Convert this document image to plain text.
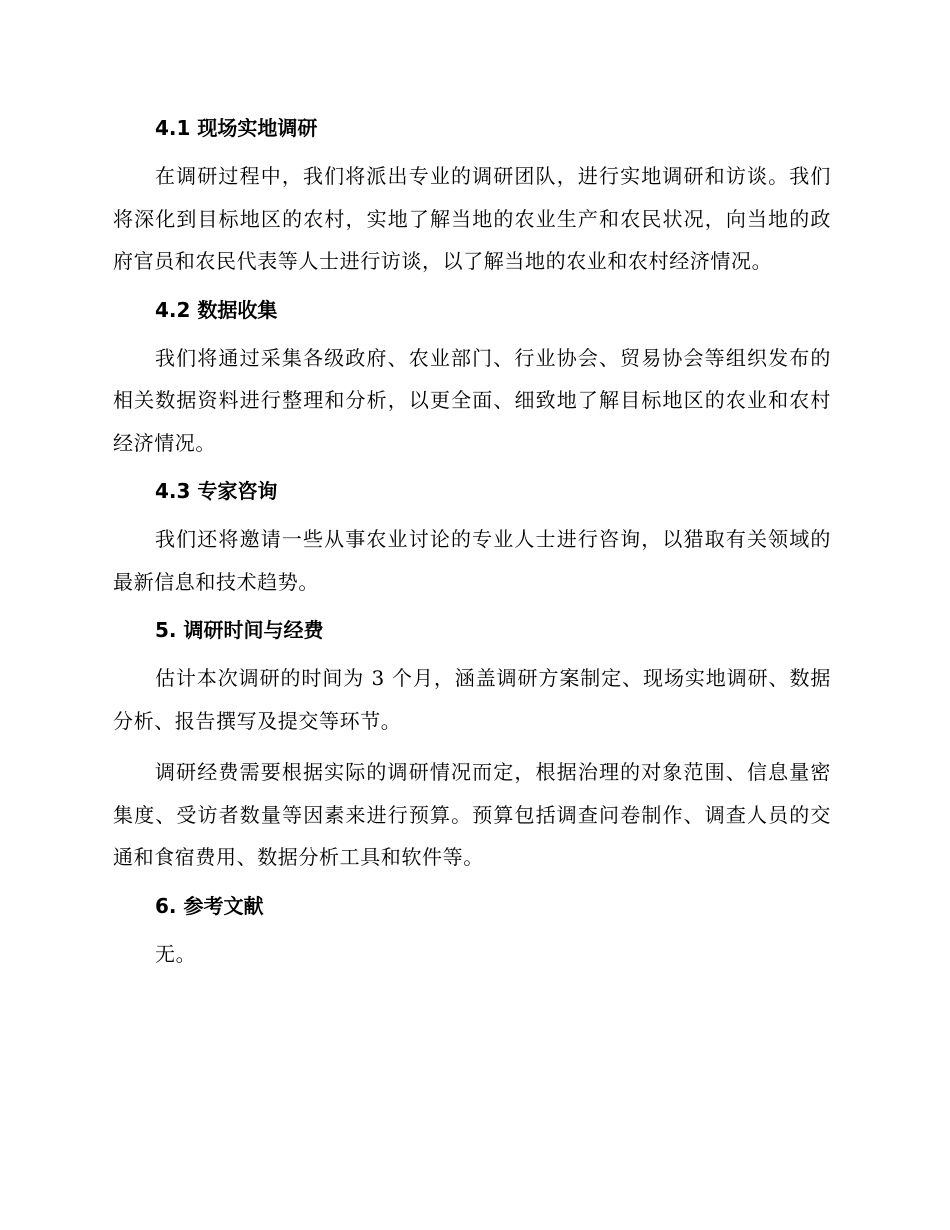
4.1 现场实地调研

在调研过程中，我们将派出专业的调研团队，进行实地调研和访谈。我们将深化到目标地区的农村，实地了解当地的农业生产和农民状况，向当地的政府官员和农民代表等人士进行访谈，以了解当地的农业和农村经济情况。

4.2 数据收集

我们将通过采集各级政府、农业部门、行业协会、贸易协会等组织发布的相关数据资料进行整理和分析，以更全面、细致地了解目标地区的农业和农村经济情况。

4.3 专家咨询

我们还将邀请一些从事农业讨论的专业人士进行咨询，以猎取有关领域的最新信息和技术趋势。

5. 调研时间与经费

估计本次调研的时间为 3 个月，涵盖调研方案制定、现场实地调研、数据分析、报告撰写及提交等环节。

调研经费需要根据实际的调研情况而定，根据治理的对象范围、信息量密集度、受访者数量等因素来进行预算。预算包括调查问卷制作、调查人员的交通和食宿费用、数据分析工具和软件等。

6. 参考文献

无。
